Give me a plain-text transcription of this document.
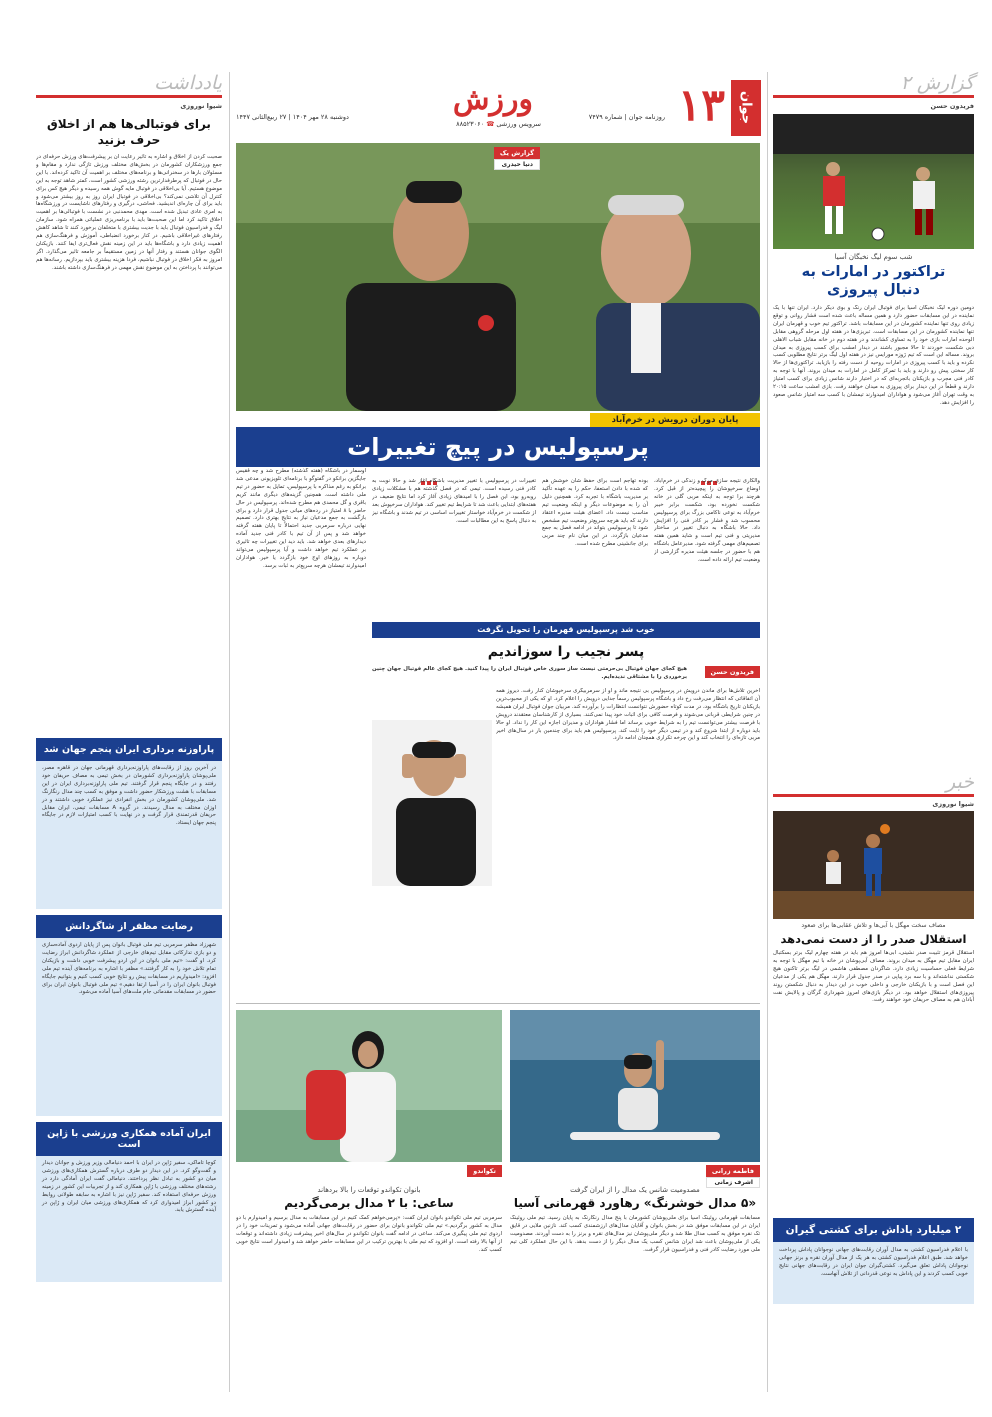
گزارش ۲
فریدون حسن
شب سوم لیگ نخبگان آسیا
تراکتور در امارات به دنبال پیروزی
دومین دوره لیگ نخبگان آسیا برای فوتبال ایران رنگ و بوی دیگر دارد. ایران تنها با یک نماینده در این مسابقات حضور دارد و همین مساله باعث شده است فشار روانی و توقع زیادی روی تنها نماینده کشورمان در این مسابقات باشد. تراکتور تیم خوب و قهرمان ایران تنها نماینده کشورمان در این مسابقات است. تبریزی‌ها در هفته اول مرحله گروهی مقابل الوحده امارات بازی خود را به تساوی کشاندند و در هفته دوم در خانه مقابل شباب الاهلی دبی شکست خوردند تا حالا مجبور باشند در دیدار امشب برای کسب پیروزی به میدان بروند. مساله این است که تیم ژوزه مورایس نیز در هفته اول لیگ برتر نتایج مطلوبی کسب نکرده و باید با کسب پیروزی در امارات روحیه از دست رفته را بازیابد. تراکتوری‌ها از حالا کار سختی پیش رو دارند و باید با تمرکز کامل در امارات به میدان بروند. آنها با توجه به کادر فنی مجرب و بازیکنان باتجربه‌ای که در اختیار دارند شانس زیادی برای کسب امتیاز دارند و قطعاً در این دیدار برای پیروزی به میدان خواهند رفت. بازی امشب ساعت ۲۰:۱۵ به وقت تهران آغاز می‌شود و هواداران امیدوارند تیمشان با کسب سه امتیاز شانس صعود را افزایش دهد.
خبر
شیوا نوروزی
مصاف سخت مهگل با آبی‌ها و تلاش عقابی‌ها برای صعود
استقلال صدر را از دست نمی‌دهد
استقلال قرمز تثبیت صدر نشینی، آبی‌ها امروز هم باید در هفته چهارم لیگ برتر بسکتبال ایران مقابل تیم مهگل به میدان بروند. مصاف آبی‌پوشان در خانه با تیم مهگل با توجه به شرایط فعلی حساسیت زیادی دارد. شاگردان مصطفی هاشمی در لیگ برتر تاکنون هیچ شکستی نداشته‌اند و با سه برد پیاپی در صدر جدول قرار دارند. مهگل هم یکی از مدعیان این فصل است و با بازیکنان خارجی و داخلی خوب در این دیدار به دنبال شکستن روند پیروزی‌های استقلال خواهد بود. در دیگر بازی‌های امروز شهرداری گرگان و پالایش نفت آبادان هم به مصاف حریفان خود خواهند رفت.
۲ میلیارد پاداش برای کشتی گیران
با اعلام فدراسیون کشتی به مدال آوران رقابت‌های جهانی نوجوانان پاداش پرداخت خواهد شد. طبق اعلام فدراسیون کشتی به هر یک از مدال آوران نقره و برنز جهانی نوجوانان پاداش تعلق می‌گیرد. کشتی‌گیران جوان ایران در رقابت‌های جهانی نتایج خوبی کسب کردند و این پاداش به نوعی قدردانی از تلاش آنهاست.
جوان
۱۳
روزنامه جوان | شماره ۷۴۷۹
ورزش
سرویس ورزشی ☎ ۸۸۵۲۳۰۶۰
دوشنبه ۲۸ مهر ۱۴۰۴ | ۲۷ ربیع‌الثانی ۱۴۴۷
گزارش یک
دنیا حیدری
پایان دوران درویش در خرم‌آباد
پرسپولیس در پیچ تغییرات
والکاری نتیجه سازی مرگ و زندگی در خرم‌آباد، اوضاع سرخپوشان را پیچیده‌تر از قبل کرد. هرچند برا توجه به اینکه مربی گلی در خانه شکست نخورده بود، شکست برابر خیبر خرم‌آباد به نوعی ناکامی بزرگ برای پرسپولیس محسوب شد و فشار بر کادر فنی را افزایش داد. حالا باشگاه به دنبال تغییر در ساختار مدیریتی و فنی تیم است و شاید همین هفته تصمیم‌های مهمی گرفته شود. مدیرعامل باشگاه هم با حضور در جلسه هیئت مدیره گزارشی از وضعیت تیم ارائه داده است.
بوده تهاجم است برای حفظ شأن خوشش هم که شده با دادن استعفا، حکم را به عهده تأکید بر مدیریت باشگاه با تجربه کرد. همچنین دلیل آن را به موضوعات دیگر و اینکه وضعیت تیم مناسب نیست داد. اعضای هیئت مدیره اعتقاد دارند که باید هرچه سریع‌تر وضعیت تیم مشخص شود تا پرسپولیس بتواند در ادامه فصل به جمع مدعیان بازگردد. در این میان نام چند مربی برای جانشینی مطرح شده است.
تغییرات در پرسپولیس با تغییر مدیریت باشگاه آغاز شد و حالا نوبت به کادر فنی رسیده است. تیمی که در فصل گذشته هم با مشکلات زیادی روبه‌رو بود، این فصل را با امیدهای زیادی آغاز کرد اما نتایج ضعیف در هفته‌های ابتدایی باعث شد تا شرایط تیم تغییر کند. هواداران سرخپوش بعد از شکست در خرم‌آباد خواستار تغییرات اساسی در تیم شدند و باشگاه نیز به دنبال پاسخ به این مطالبات است.
اوسمار در باشگاه (هفته گذشته) مطرح شد و چه ققیس جایگزین برانکو در گفتوگو با برنامه‌ای تلویزیونی مدعی شد برانکو به رغم مذاکره با پرسپولیس، تمایل به حضور در تیم ملی داشته است. همچنین گزینه‌های دیگری مانند کریم باقری و گل محمدی هم مطرح شده‌اند. پرسپولیس در حال حاضر با ۸ امتیاز در رده‌های میانی جدول قرار دارد و برای بازگشت به جمع مدعیان نیاز به نتایج بهتری دارد. تصمیم نهایی درباره سرمربی جدید احتمالاً تا پایان هفته گرفته خواهد شد و پس از آن تیم با کادر فنی جدید آماده دیدارهای بعدی خواهد شد. باید دید این تغییرات چه تاثیری بر عملکرد تیم خواهد داشت و آیا پرسپولیس می‌تواند دوباره به روزهای اوج خود بازگردد یا خیر. هواداران امیدوارند تیمشان هرچه سریع‌تر به ثبات برسد.
خوب شد پرسپولیس قهرمان را تحویل نگرفت
پسر نجیب را سوزاندیم
فریدون حسن
هیچ کجای جهان فوتبال بی‌حرمتی نیست ساز سوری خاص فوتبال ایران را پیدا کنید. هیچ کجای عالم فوتبال جهان چنین برخوردی را با مشتاقی ندیده‌ایم.
آخرین تلاش‌ها برای ماندن درویش در پرسپولیس بی نتیجه ماند و او از سرمربیگری سرخپوشان کنار رفت. دیروز همه آن اتفاقاتی که انتظار می‌رفت رخ داد و باشگاه پرسپولیس رسماً جدایی درویش را اعلام کرد. او که یکی از محبوب‌ترین بازیکنان تاریخ باشگاه بود، در مدت کوتاه حضورش نتوانست انتظارات را برآورده کند. مربیان جوان فوتبال ایران همیشه در چنین شرایطی قربانی می‌شوند و فرصت کافی برای اثبات خود پیدا نمی‌کنند. بسیاری از کارشناسان معتقدند درویش با فرصت بیشتر می‌توانست تیم را به شرایط خوبی برساند اما فشار هواداران و مدیران اجازه این کار را نداد. او حالا باید دوباره از ابتدا شروع کند و در تیمی دیگر خود را ثابت کند. پرسپولیس هم باید برای چندمین بار در سال‌های اخیر مربی تازه‌ای را انتخاب کند و این چرخه تکراری همچنان ادامه دارد.
فاطمه زرانی
اشرف زمانی
مصدومیت شانس یک مدال را از ایران گرفت
«۵ مدال خوشرنگ» رهاورد قهرمانی آسیا
مسابقات قهرمانی روئینگ آسیا برای ملی‌پوشان کشورمان با پنج مدال رنگارنگ به پایان رسید. تیم ملی روئینگ ایران در این مسابقات موفق شد در بخش بانوان و آقایان مدال‌های ارزشمندی کسب کند. نازنین ملایی در قایق تک نفره موفق به کسب مدال طلا شد و دیگر ملی‌پوشان نیز مدال‌های نقره و برنز را به دست آوردند. مصدومیت یکی از ملی‌پوشان باعث شد ایران شانس کسب یک مدال دیگر را از دست بدهد. با این حال عملکرد کلی تیم ملی مورد رضایت کادر فنی و فدراسیون قرار گرفت.
تکواندو
بانوان تکواندو توقعات را بالا بردهاند
ساعی: با ۲ مدال برمی‌گردیم
سرمربی تیم ملی تکواندو بانوان ایران گفت: «پرمی‌خواهم کمک کنیم در این مسابقات به مدال برسیم و امیدوارم با دو مدال به کشور برگردیم.» تیم ملی تکواندو بانوان برای حضور در رقابت‌های جهانی آماده می‌شود و تمرینات خود را در اردوی تیم ملی پیگیری می‌کند. ساعی در ادامه گفت بانوان تکواندو در سال‌های اخیر پیشرفت زیادی داشته‌اند و توقعات از آنها بالا رفته است. او افزود که تیم ملی با بهترین ترکیب در این مسابقات حاضر خواهد شد و امیدوار است نتایج خوبی کسب کند.
یادداشت
شیوا نوروزی
برای فوتبالی‌ها هم از اخلاق حرف بزنید
صحبت کردن از اخلاق و اشاره به تأثیر رعایت آن بر پیشرفت‌های ورزش حرفه‌ای در جمع ورزشکاران کشورمان در بخش‌های مختلف ورزش تازگی ندارد و مقام‌ها و مسئولان بارها در سخنرانی‌ها و برنامه‌های مختلف بر اهمیت آن تاکید کرده‌اند. با این حال در فوتبال که پرطرفدارترین رشته ورزشی کشور است، کمتر شاهد توجه به این موضوع هستیم. آیا بی‌اخلاقی در فوتبال مایه گوش همه رسیده و دیگر هیچ کس برای کنترل آن تلاشی نمی‌کند؟ بی‌اخلاقی در فوتبال ایران روز به روز بیشتر می‌شود و باید برای آن چاره‌ای اندیشید. فحاشی، درگیری و رفتارهای ناشایست در ورزشگاه‌ها به امری عادی تبدیل شده است. مهدی محمدنبی در نشست با فوتبالی‌ها بر اهمیت اخلاق تاکید کرد اما این صحبت‌ها باید با برنامه‌ریزی عملیاتی همراه شود. سازمان لیگ و فدراسیون فوتبال باید با جدیت بیشتری با متخلفان برخورد کنند تا شاهد کاهش رفتارهای غیراخلاقی باشیم. در کنار برخورد انضباطی، آموزش و فرهنگ‌سازی هم اهمیت زیادی دارد و باشگاه‌ها باید در این زمینه نقش فعال‌تری ایفا کنند. بازیکنان الگوی جوانان هستند و رفتار آنها در زمین مستقیماً بر جامعه تاثیر می‌گذارد. اگر امروز به فکر اخلاق در فوتبال نباشیم، فردا هزینه بیشتری باید بپردازیم. رسانه‌ها هم می‌توانند با پرداختن به این موضوع نقش مهمی در فرهنگ‌سازی داشته باشند.
پاراوزنه برداری ایران پنجم جهان شد
در آخرین روز از رقابت‌های پاراوزنه‌برداری قهرمانی جهان در قاهره مصر، ملی‌پوشان پاراوزنه‌برداری کشورمان در بخش تیمی به مصاف حریفان خود رفتند و در جایگاه پنجم قرار گرفتند. تیم ملی پاراوزنه‌برداری ایران در این مسابقات با هشت ورزشکار حضور داشت و موفق به کسب چند مدال رنگارنگ شد. ملی‌پوشان کشورمان در بخش انفرادی نیز عملکرد خوبی داشتند و در اوزان مختلف به مدال رسیدند. در گروه A مسابقات تیمی، ایران مقابل حریفان قدرتمندی قرار گرفت و در نهایت با کسب امتیازات لازم در جایگاه پنجم جهان ایستاد.
رضایت مظفر از شاگردانش
شهرزاد مظفر سرمربی تیم ملی فوتبال بانوان پس از پایان اردوی آماده‌سازی و دو بازی تدارکاتی مقابل تیم‌های خارجی از عملکرد شاگردانش ابراز رضایت کرد. او گفت: «تیم ملی بانوان در این اردو پیشرفت خوبی داشت و بازیکنان تمام تلاش خود را به کار گرفتند.» مظفر با اشاره به برنامه‌های آینده تیم ملی افزود: «امیدواریم در مسابقات پیش رو نتایج خوبی کسب کنیم و بتوانیم جایگاه فوتبال بانوان ایران را در آسیا ارتقا دهیم.» تیم ملی فوتبال بانوان ایران برای حضور در مسابقات مقدماتی جام ملت‌های آسیا آماده می‌شود.
ایران آماده همکاری ورزشی با ژاپن است
کوچا تاماکی، سفیر ژاپن در ایران با احمد دنیامالی وزیر ورزش و جوانان دیدار و گفت‌وگو کرد. در این دیدار دو طرف درباره گسترش همکاری‌های ورزشی میان دو کشور به تبادل نظر پرداختند. دنیامالی گفت ایران آمادگی دارد در رشته‌های مختلف ورزشی با ژاپن همکاری کند و از تجربیات این کشور در زمینه ورزش حرفه‌ای استفاده کند. سفیر ژاپن نیز با اشاره به سابقه طولانی روابط دو کشور ابراز امیدواری کرد که همکاری‌های ورزشی میان ایران و ژاپن در آینده گسترش یابد.
